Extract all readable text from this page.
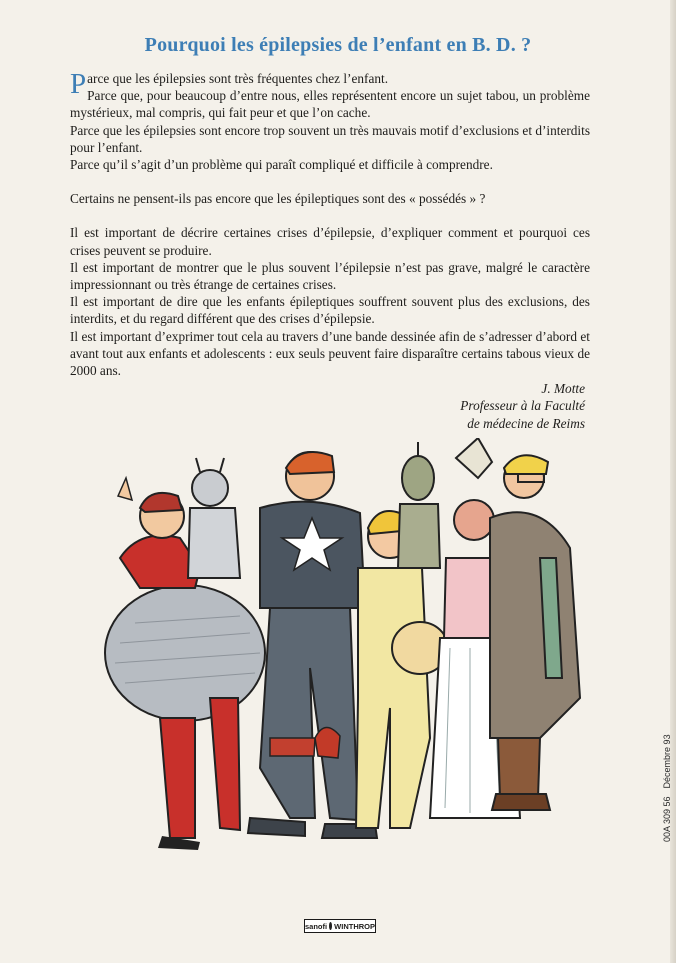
Pourquoi les épilepsies de l’enfant en B. D. ?

Parce que les épilepsies sont très fréquentes chez l’enfant.

Parce que, pour beaucoup d’entre nous, elles représentent encore un sujet tabou, un problème mystérieux, mal compris, qui fait peur et que l’on cache.

Parce que les épilepsies sont encore trop souvent un très mauvais motif d’exclusions et d’interdits pour l’enfant.

Parce qu’il s’agit d’un problème qui paraît compliqué et difficile à comprendre.

Certains ne pensent-ils pas encore que les épileptiques sont des « possédés » ?

Il est important de décrire certaines crises d’épilepsie, d’expliquer comment et pourquoi ces crises peuvent se produire.

Il est important de montrer que le plus souvent l’épilepsie n’est pas grave, malgré le caractère impressionnant ou très étrange de certaines crises.

Il est important de dire que les enfants épileptiques souffrent souvent plus des exclusions, des interdits, et du regard différent que des crises d’épilepsie.

Il est important d’exprimer tout cela au travers d’une bande dessinée afin de s’adresser d’abord et avant tout aux enfants et adolescents : eux seuls peuvent faire disparaître certains tabous vieux de 2000 ans.

J. Motte
Professeur à la Faculté
de médecine de Reims
00A 309 56
Décembre 93
sanofi WINTHROP
